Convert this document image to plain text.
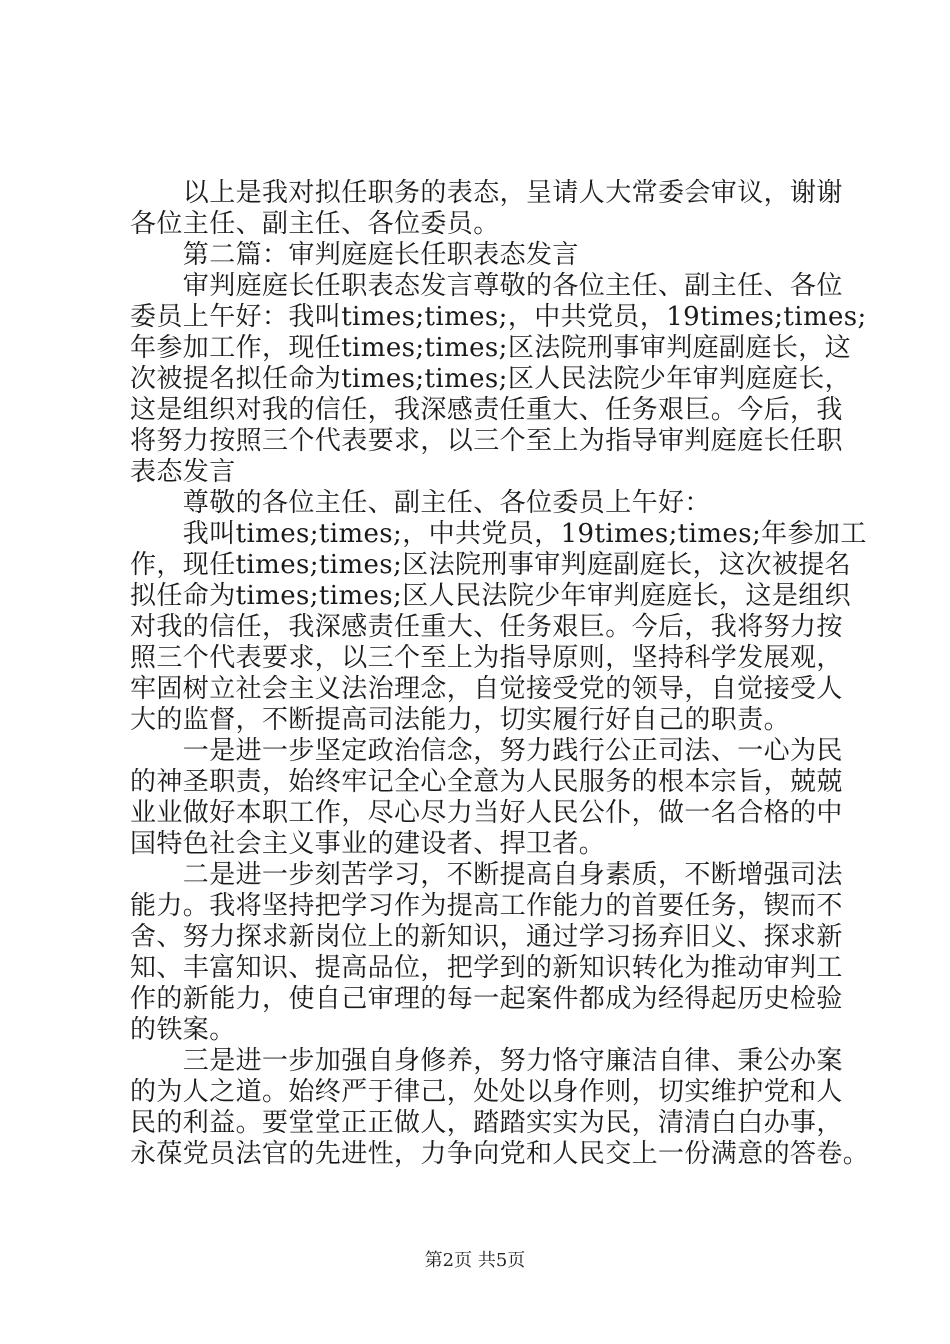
　　以上是我对拟任职务的表态，呈请人大常委会审议，谢谢
各位主任、副主任、各位委员。
　　第二篇：审判庭庭长任职表态发言
　　审判庭庭长任职表态发言尊敬的各位主任、副主任、各位
委员上午好：我叫times;times;，中共党员，19times;times;
年参加工作，现任times;times;区法院刑事审判庭副庭长，这
次被提名拟任命为times;times;区人民法院少年审判庭庭长，
这是组织对我的信任，我深感责任重大、任务艰巨。今后，我
将努力按照三个代表要求，以三个至上为指导审判庭庭长任职
表态发言
　　尊敬的各位主任、副主任、各位委员上午好：
　　我叫times;times;，中共党员，19times;times;年参加工
作，现任times;times;区法院刑事审判庭副庭长，这次被提名
拟任命为times;times;区人民法院少年审判庭庭长，这是组织
对我的信任，我深感责任重大、任务艰巨。今后，我将努力按
照三个代表要求，以三个至上为指导原则，坚持科学发展观，
牢固树立社会主义法治理念，自觉接受党的领导，自觉接受人
大的监督，不断提高司法能力，切实履行好自己的职责。
　　一是进一步坚定政治信念，努力践行公正司法、一心为民
的神圣职责，始终牢记全心全意为人民服务的根本宗旨，兢兢
业业做好本职工作，尽心尽力当好人民公仆，做一名合格的中
国特色社会主义事业的建设者、捍卫者。
　　二是进一步刻苦学习，不断提高自身素质，不断增强司法
能力。我将坚持把学习作为提高工作能力的首要任务，锲而不
舍、努力探求新岗位上的新知识，通过学习扬弃旧义、探求新
知、丰富知识、提高品位，把学到的新知识转化为推动审判工
作的新能力，使自己审理的每一起案件都成为经得起历史检验
的铁案。
　　三是进一步加强自身修养，努力恪守廉洁自律、秉公办案
的为人之道。始终严于律己，处处以身作则，切实维护党和人
民的利益。要堂堂正正做人，踏踏实实为民，清清白白办事，
永葆党员法官的先进性，力争向党和人民交上一份满意的答卷。
第2页 共5页
